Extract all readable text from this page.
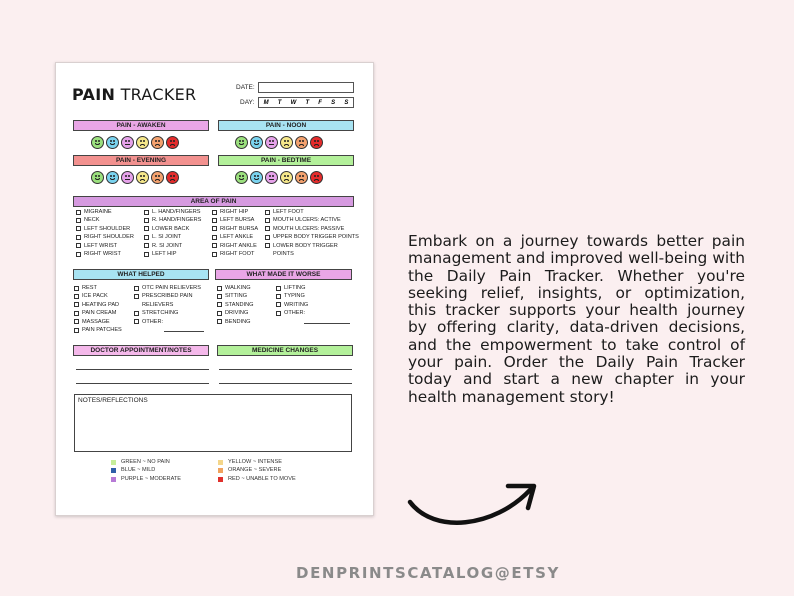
PAIN TRACKER	DATE:
DAY: M T W T F S S
PAIN - AWAKEN	PAIN - NOON
PAIN - EVENING	PAIN - BEDTIME
AREA OF PAIN
MIGRAINE
NECK
LEFT SHOULDER
RIGHT SHOULDER
LEFT WRIST
RIGHT WRIST
L. HAND/FINGERS
R. HAND/FINGERS
LOWER BACK
L. SI JOINT
R. SI JOINT
LEFT HIP
RIGHT HIP
LEFT BURSA
RIGHT BURSA
LEFT ANKLE
RIGHT ANKLE
RIGHT FOOT
LEFT FOOT
MOUTH ULCERS: ACTIVE
MOUTH ULCERS: PASSIVE
UPPER BODY TRIGGER POINTS
LOWER BODY TRIGGER
POINTS
WHAT HELPED	WHAT MADE IT WORSE
REST
ICE PACK
HEATING PAD
PAIN CREAM
MASSAGE
PAIN PATCHES
OTC PAIN RELIEVERS
PRESCRIBED PAIN
RELIEVERS
STRETCHING
OTHER:
WALKING
SITTING
STANDING
DRIVING
BENDING
LIFTING
TYPING
WRITING
OTHER:
DOCTOR APPOINTMENT/NOTES	MEDICINE CHANGES
NOTES/REFLECTIONS
GREEN ~ NO PAIN
BLUE ~ MILD
PURPLE ~ MODERATE
YELLOW ~ INTENSE
ORANGE ~ SEVERE
RED ~ UNABLE TO MOVE
Embark on a journey towards better pain management and improved well-being with the Daily Pain Tracker. Whether you're seeking relief, insights, or optimization, this tracker supports your health journey by offering clarity, data-driven decisions, and the empowerment to take control of your pain. Order the Daily Pain Tracker today and start a new chapter in your health management story!
DENPRINTSCATALOG@ETSY
